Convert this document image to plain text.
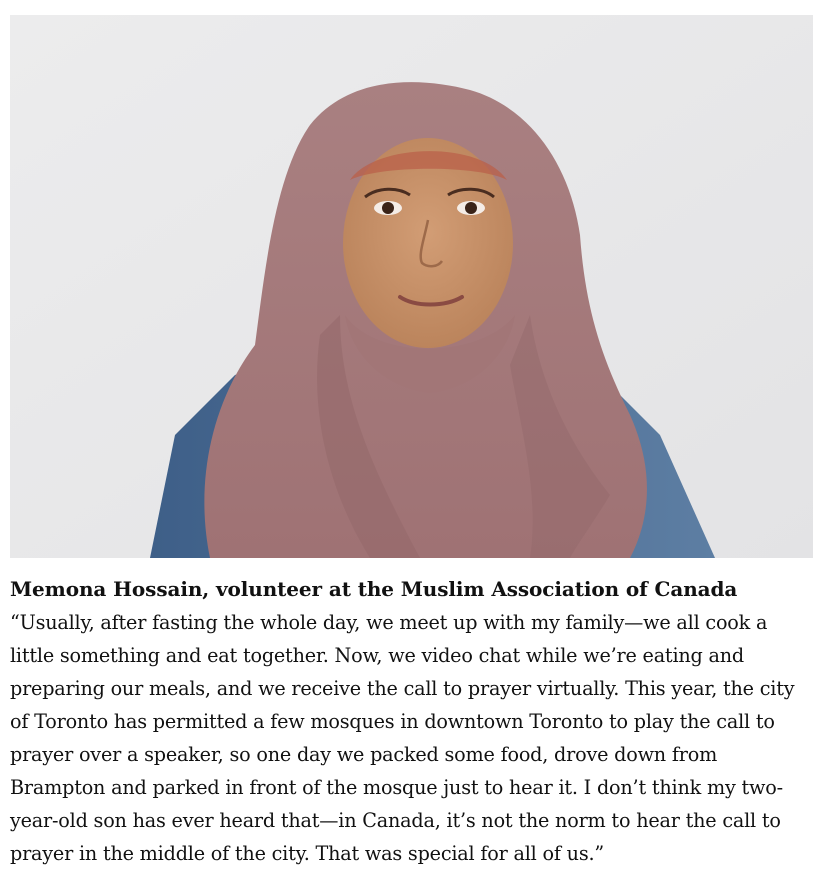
Memona Hossain, volunteer at the Muslim Association of Canada

“Usually, after fasting the whole day, we meet up with my family—we all cook a
little something and eat together. Now, we video chat while we’re eating and
preparing our meals, and we receive the call to prayer virtually. This year, the city
of Toronto has permitted a few mosques in downtown Toronto to play the call to
prayer over a speaker, so one day we packed some food, drove down from
Brampton and parked in front of the mosque just to hear it. I don’t think my two-
year-old son has ever heard that—in Canada, it’s not the norm to hear the call to
prayer in the middle of the city. That was special for all of us.”
